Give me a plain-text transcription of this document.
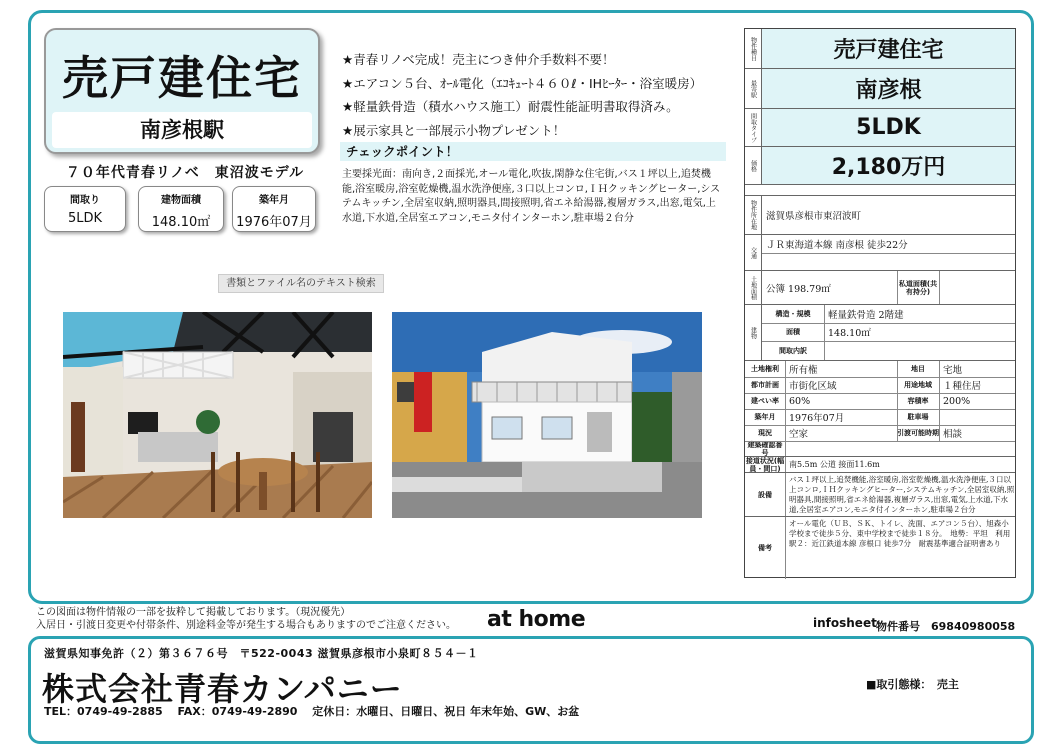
売戸建住宅
南彦根駅
７０年代青春リノベ　東沼波モデル
間取り
5LDK
建物面積
148.10㎡
築年月
1976年07月
★青春リノベ完成！売主につき仲介手数料不要！
★エアコン５台、ｵｰﾙ電化（ｴｺｷｭｰﾄ４６０ℓ・IHﾋｰﾀｰ・浴室暖房）
★軽量鉄骨造（積水ハウス施工）耐震性能証明書取得済み。
★展示家具と一部展示小物プレゼント！
チェックポイント！
主要採光面：南向き,２面採光,オール電化,吹抜,閑静な住宅街,バス１坪以上,追焚機能,浴室暖房,浴室乾燥機,温水洗浄便座,３口以上コンロ,ＩＨクッキングヒーター,システムキッチン,全居室収納,照明器具,間接照明,省エネ給湯器,複層ガラス,出窓,電気,上水道,下水道,全居室エアコン,モニタ付インターホン,駐車場２台分
書類とファイル名のテキスト検索
物件種目	売戸建住宅
最寄駅	南彦根
間取タイプ	5LDK
価格	2,180万円
物件所在地	滋賀県彦根市東沼波町
交通
ＪＲ東海道本線 南彦根 徒歩22分
土地面積	公簿 198.79㎡	私道面積(共有持分)
建物
構造・規模	軽量鉄骨造 2階建
面積	148.10㎡
間取内訳
土地権利	所有権	地目	宅地
都市計画	市街化区域	用途地域	１種住居
建ぺい率	60%	容積率	200%
築年月	1976年07月	駐車場
現況	空家	引渡可能時期 相談
建築確認番号
接道状況(幅員・間口)	南5.5m 公道 接面11.6m
設備
バス１坪以上,追焚機能,浴室暖房,浴室乾燥機,温水洗浄便座,３口以上コンロ,ＩＨクッキングヒーター,システムキッチン,全居室収納,照明器具,間接照明,省エネ給湯器,複層ガラス,出窓,電気,上水道,下水道,全居室エアコン,モニタ付インターホン,駐車場２台分
備考
オール電化（ＵＢ、ＳＫ、トイレ、洗面、エアコン５台）、旭森小学校まで徒歩５分、東中学校まで徒歩１８分。　地勢：平坦　利用駅２：近江鉄道本線 彦根口 徒歩7分　耐震基準適合証明書あり
この図面は物件情報の一部を抜粋して掲載しております。（現況優先）
入居日・引渡日変更や付帯条件、別途料金等が発生する場合もありますのでご注意ください。 at home	infosheet 物件番号　69840980058
滋賀県知事免許（２）第３６７６号　〒522-0043 滋賀県彦根市小泉町８５４－１
株式会社青春カンパニー	■取引態様：　売主
TEL：0749-49-2885　 FAX：0749-49-2890　 定休日：水曜日、日曜日、祝日 年末年始、GW、お盆
